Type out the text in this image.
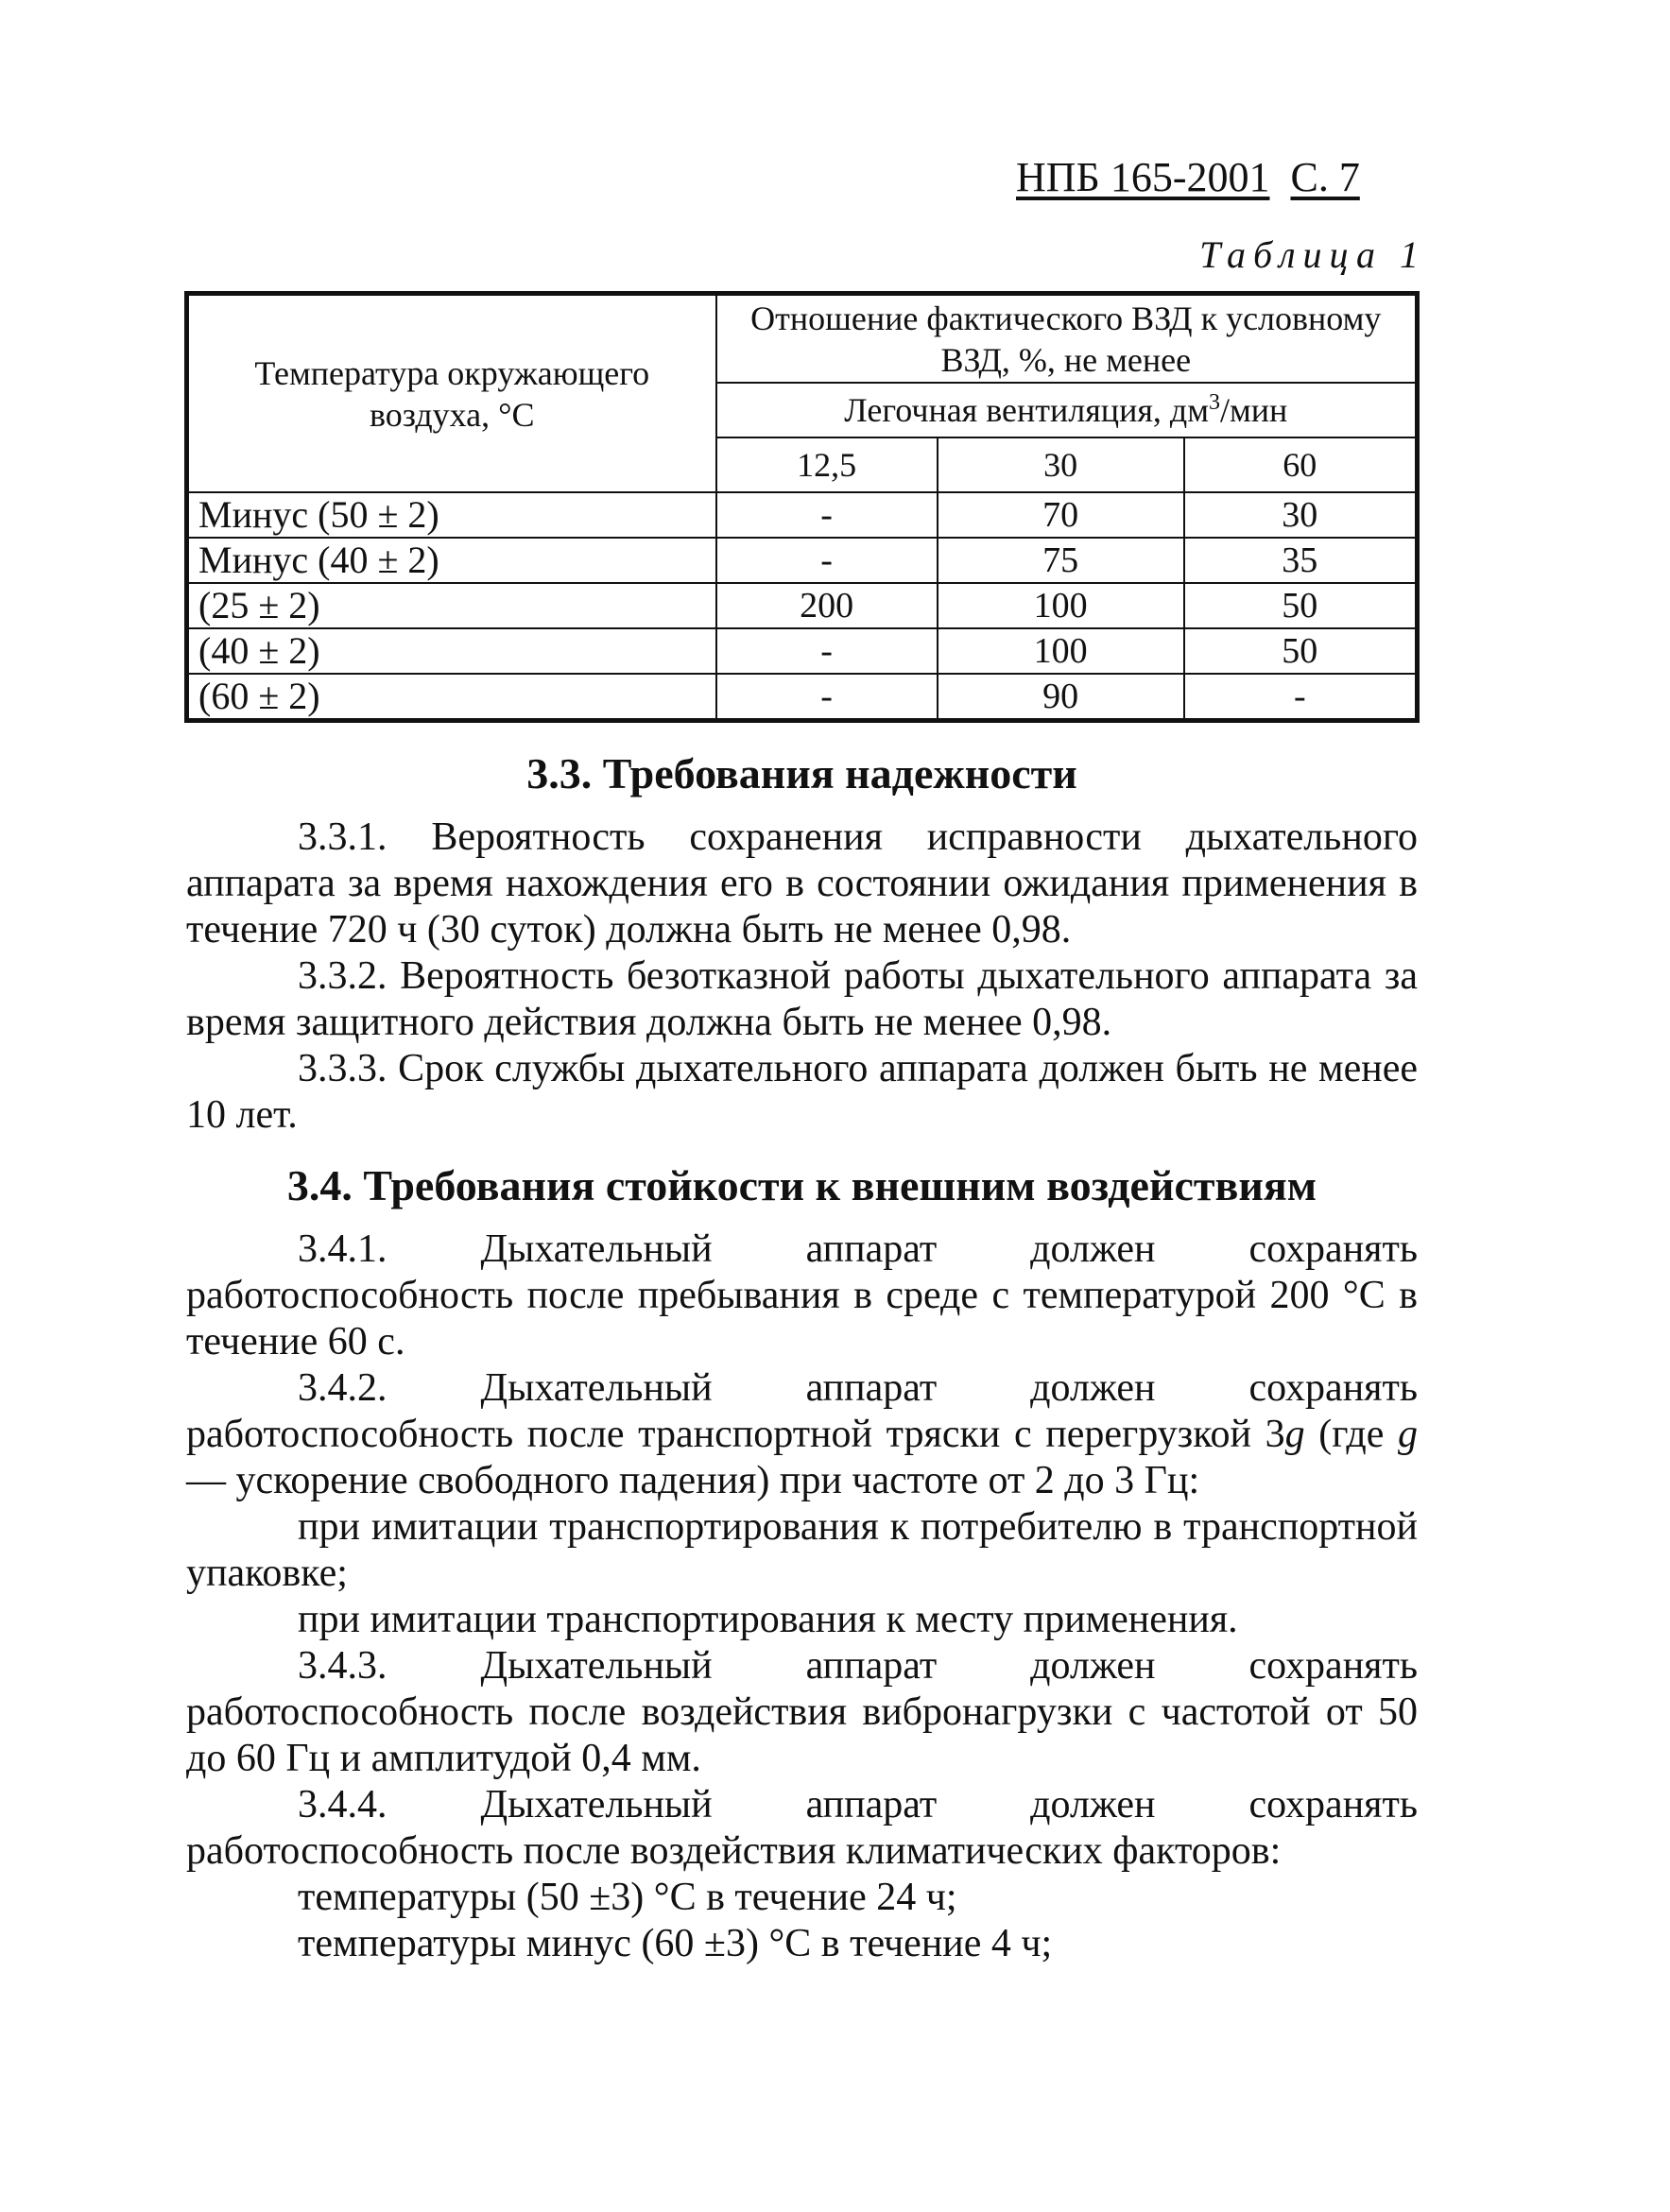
НПБ 165-2001 С. 7
Таблица 1
Температура окружающего воздуха, °С	Отношение фактического ВЗД к условному ВЗД, %, не менее		
	Легочная вентиляция, $дм^3$/мин		
	12,5	30	60
Минус (50 ± 2)	-	70	30
Минус (40 ± 2)	-	75	35
(25 ± 2)	200	100	50
(40 ± 2)	-	100	50
(60 ± 2)	-	90	-
3.3. Требования надежности

3.3.1. Вероятность сохранения исправности дыхательного аппарата за время нахождения его в состоянии ожидания применения в течение 720 ч (30 суток) должна быть не менее 0,98.

3.3.2. Вероятность безотказной работы дыхательного аппарата за время защитного действия должна быть не менее 0,98.

3.3.3. Срок службы дыхательного аппарата должен быть не менее 10 лет.

3.4. Требования стойкости к внешним воздействиям

3.4.1. Дыхательный аппарат должен сохранять работоспособность после пребывания в среде с температурой 200 °С в течение 60 с.

3.4.2. Дыхательный аппарат должен сохранять работоспособность после транспортной тряски с перегрузкой 3g (где g — ускорение свободного падения) при частоте от 2 до 3 Гц:

при имитации транспортирования к потребителю в транспортной упаковке;

при имитации транспортирования к месту применения.

3.4.3. Дыхательный аппарат должен сохранять работоспособность после воздействия вибронагрузки с частотой от 50 до 60 Гц и амплитудой 0,4 мм.

3.4.4. Дыхательный аппарат должен сохранять работоспособность после воздействия климатических факторов:

температуры (50 ±3) °С в течение 24 ч;

температуры минус (60 ±3) °С в течение 4 ч;
